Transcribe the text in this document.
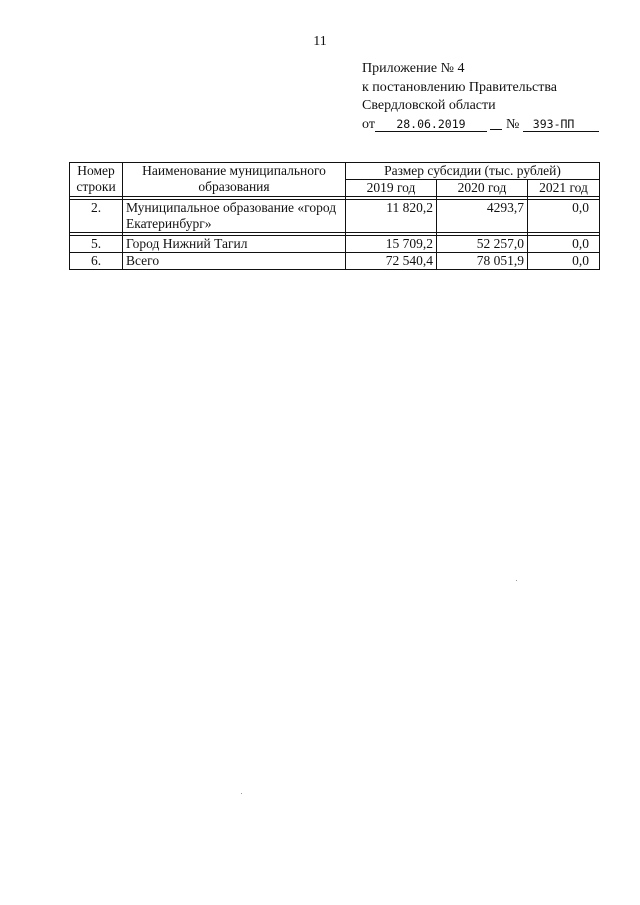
11
Приложение № 4
к постановлению Правительства
Свердловской области
от 28.06.2019	№ 393-ПП
Номер строки	Наименование муниципального образования	Размер субсидии (тыс. рублей)		
		2019 год	2020 год	2021 год

2.	Муниципальное образование «город Екатеринбург»	11 820,2	4293,7	0,0

5.	Город Нижний Тагил	15 709,2	52 257,0	0,0
6.	Всего	72 540,4	78 051,9	0,0
